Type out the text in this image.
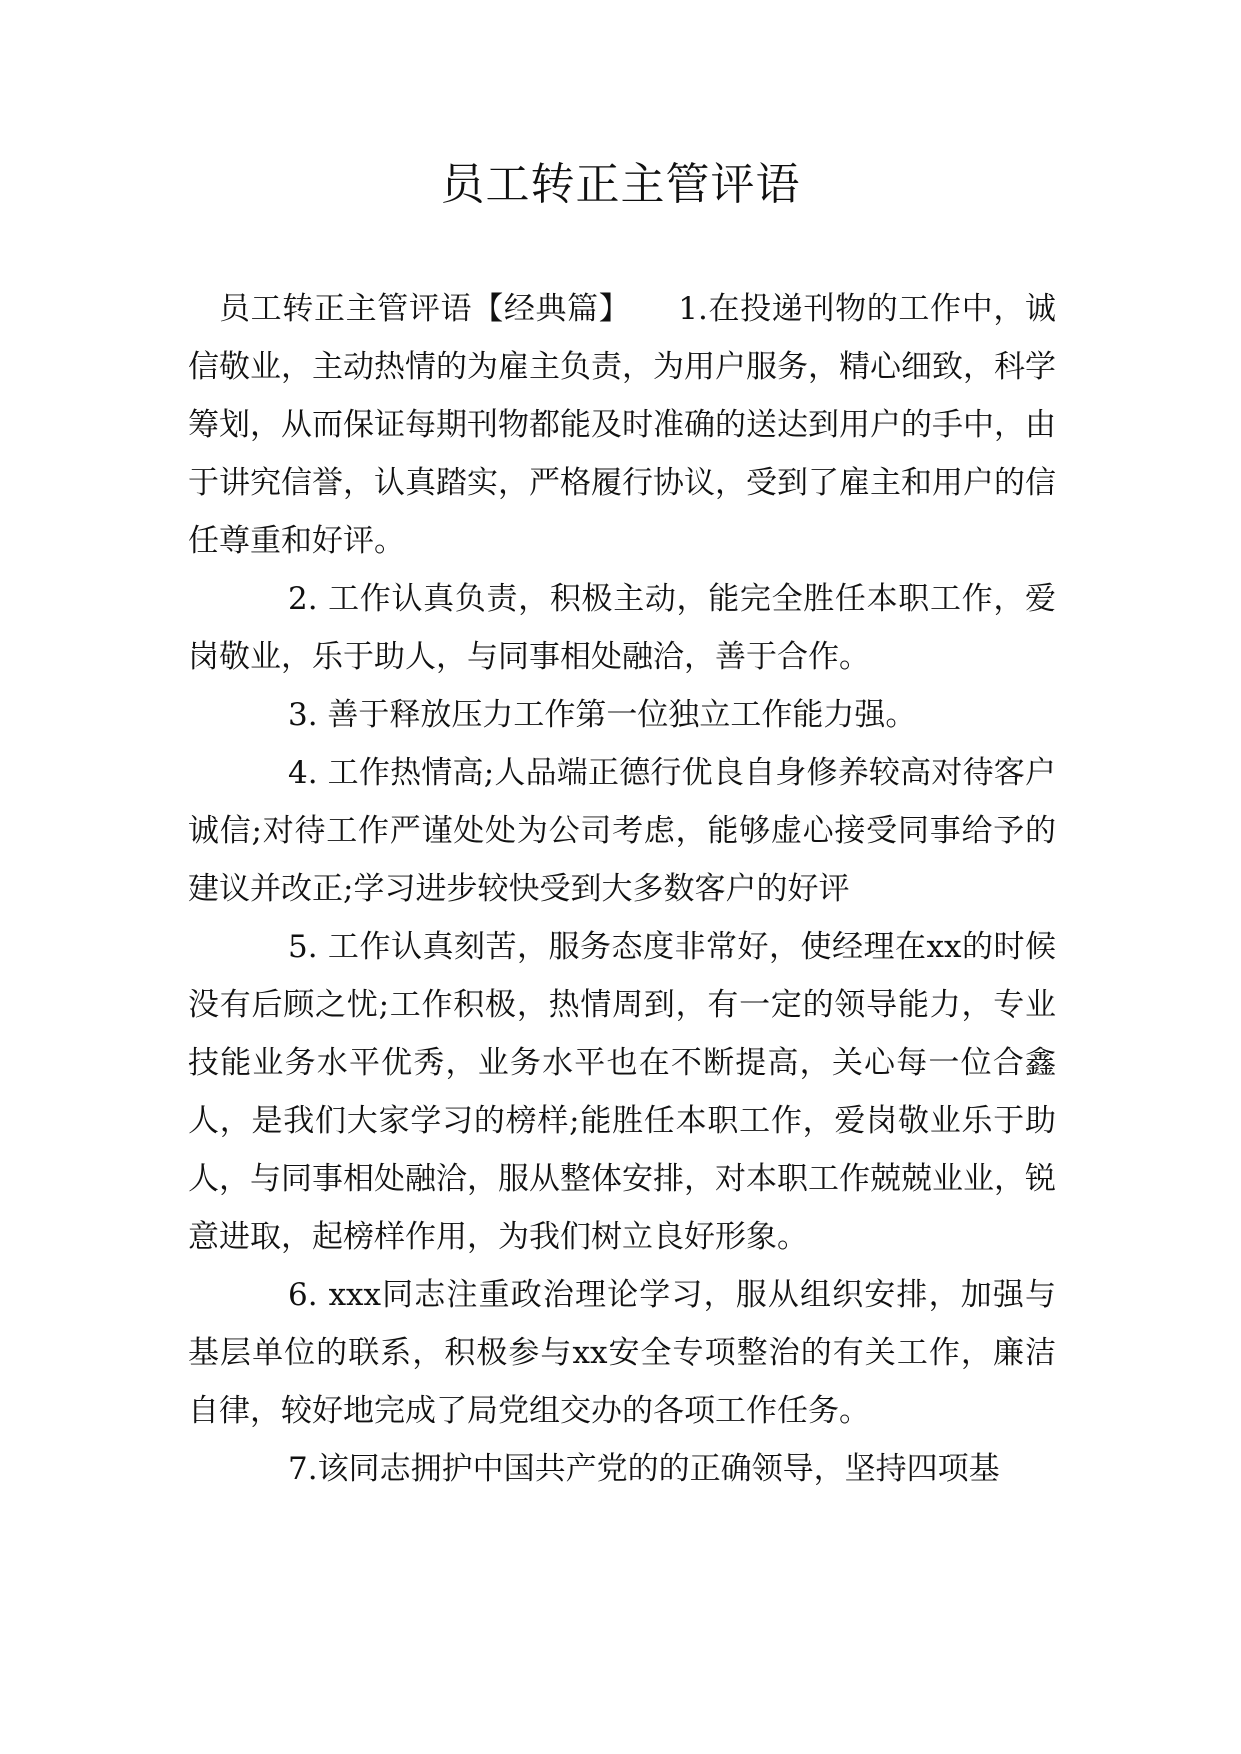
员工转正主管评语

员工转正主管评语【经典篇】　　1.在投递刊物的工作中，诚信敬业，主动热情的为雇主负责，为用户服务，精心细致，科学筹划，从而保证每期刊物都能及时准确的送达到用户的手中，由于讲究信誉，认真踏实，严格履行协议，受到了雇主和用户的信任尊重和好评。

2. 工作认真负责，积极主动，能完全胜任本职工作，爱岗敬业，乐于助人，与同事相处融洽，善于合作。

3. 善于释放压力工作第一位独立工作能力强。

4. 工作热情高;人品端正德行优良自身修养较高对待客户诚信;对待工作严谨处处为公司考虑，能够虚心接受同事给予的建议并改正;学习进步较快受到大多数客户的好评

5. 工作认真刻苦，服务态度非常好，使经理在xx的时候没有后顾之忧;工作积极，热情周到，有一定的领导能力，专业技能业务水平优秀，业务水平也在不断提高，关心每一位合鑫人，是我们大家学习的榜样;能胜任本职工作，爱岗敬业乐于助人，与同事相处融洽，服从整体安排，对本职工作兢兢业业，锐意进取，起榜样作用，为我们树立良好形象。

6. xxx同志注重政治理论学习，服从组织安排，加强与基层单位的联系，积极参与xx安全专项整治的有关工作，廉洁自律，较好地完成了局党组交办的各项工作任务。

7.该同志拥护中国共产党的的正确领导，坚持四项基
